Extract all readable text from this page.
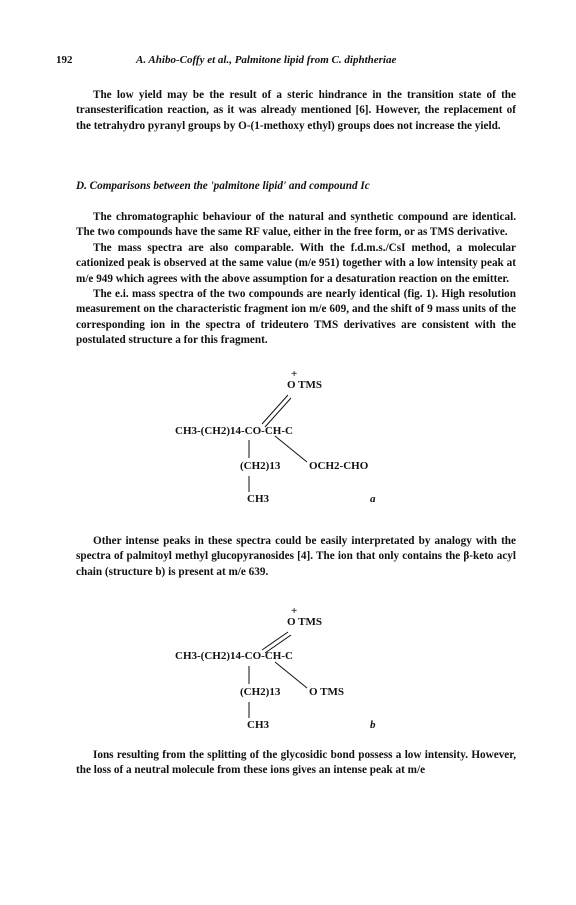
192	A. Ahibo-Coffy et al., Palmitone lipid from C. diphtheriae

The low yield may be the result of a steric hindrance in the transition state of the transesterification reaction, as it was already mentioned [6]. However, the replacement of the tetrahydro pyranyl groups by O-(1-methoxy ethyl) groups does not increase the yield.

D. Comparisons between the 'palmitone lipid' and compound Ic

The chromatographic behaviour of the natural and synthetic compound are identical. The two compounds have the same RF value, either in the free form, or as TMS derivative.

The mass spectra are also comparable. With the f.d.m.s./CsI method, a molecular cationized peak is observed at the same value (m/e 951) together with a low intensity peak at m/e 949 which agrees with the above assumption for a desaturation reaction on the emitter.

The e.i. mass spectra of the two compounds are nearly identical (fig. 1). High resolution measurement on the characteristic fragment ion m/e 609, and the shift of 9 mass units of the corresponding ion in the spectra of trideutero TMS derivatives are consistent with the postulated structure a for this fragment.

+
O TMS
CH3-(CH2)14-CO-CH-C
(CH2)13	OCH2-CHO
CH3	a

Other intense peaks in these spectra could be easily interpretated by analogy with the spectra of palmitoyl methyl glucopyranosides [4]. The ion that only contains the β-keto acyl chain (structure b) is present at m/e 639.

+
O TMS
CH3-(CH2)14-CO-CH-C
(CH2)13	O TMS
CH3	b

Ions resulting from the splitting of the glycosidic bond possess a low intensity. However, the loss of a neutral molecule from these ions gives an intense peak at m/e
